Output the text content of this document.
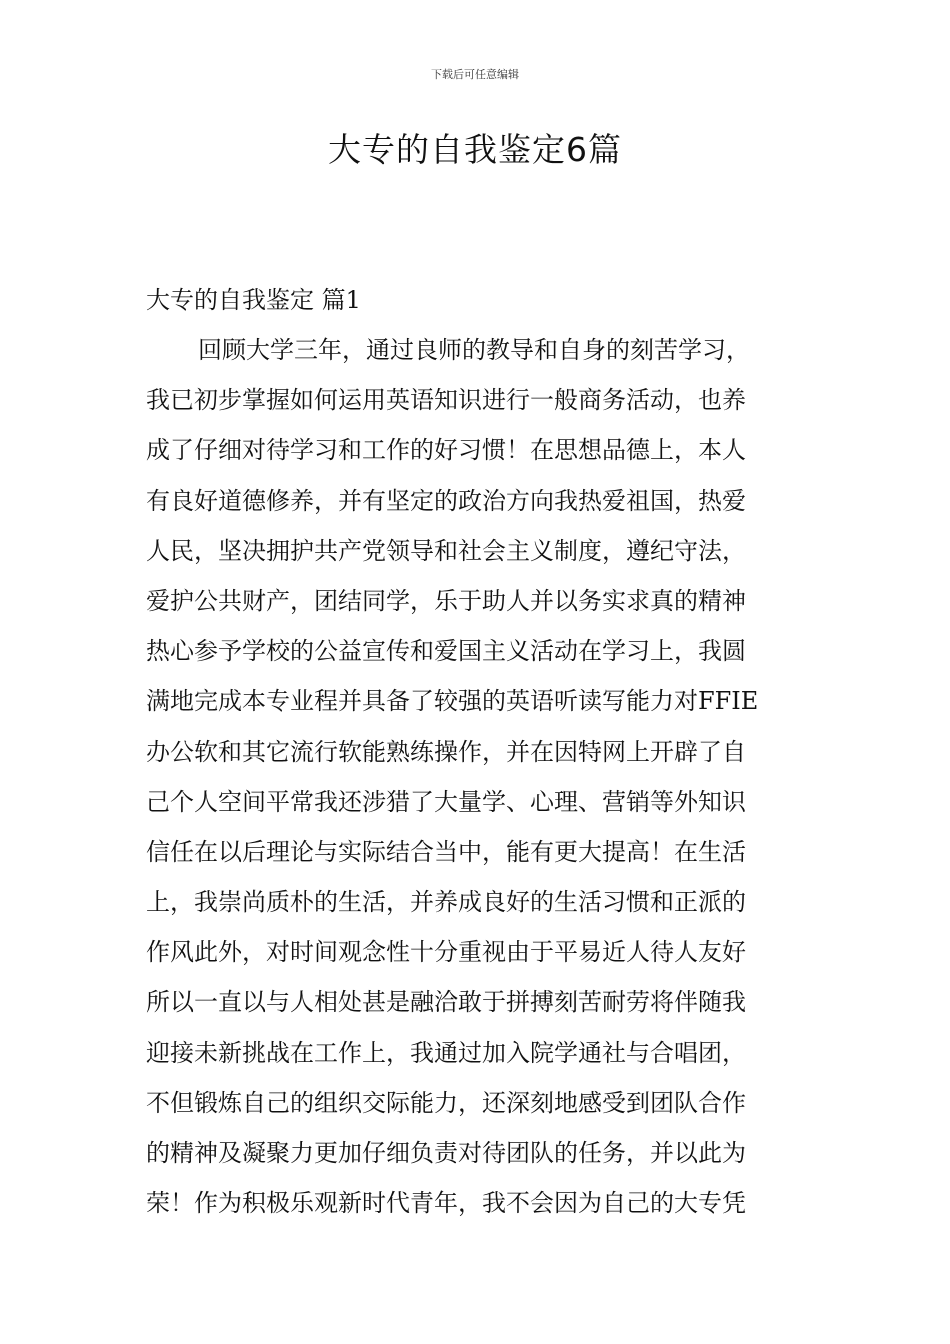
下载后可任意编辑
大专的自我鉴定6篇
大专的自我鉴定 篇1
回顾大学三年，通过良师的教导和自身的刻苦学习，
我已初步掌握如何运用英语知识进行一般商务活动，也养
成了仔细对待学习和工作的好习惯！在思想品德上，本人
有良好道德修养，并有坚定的政治方向我热爱祖国，热爱
人民，坚决拥护共产党领导和社会主义制度，遵纪守法，
爱护公共财产，团结同学，乐于助人并以务实求真的精神
热心参予学校的公益宣传和爱国主义活动在学习上，我圆
满地完成本专业程并具备了较强的英语听读写能力对FFIE
办公软和其它流行软能熟练操作，并在因特网上开辟了自
己个人空间平常我还涉猎了大量学、心理、营销等外知识
信任在以后理论与实际结合当中，能有更大提高！在生活
上，我崇尚质朴的生活，并养成良好的生活习惯和正派的
作风此外，对时间观念性十分重视由于平易近人待人友好
所以一直以与人相处甚是融洽敢于拼搏刻苦耐劳将伴随我
迎接未新挑战在工作上，我通过加入院学通社与合唱团，
不但锻炼自己的组织交际能力，还深刻地感受到团队合作
的精神及凝聚力更加仔细负责对待团队的任务，并以此为
荣！作为积极乐观新时代青年，我不会因为自己的大专凭
